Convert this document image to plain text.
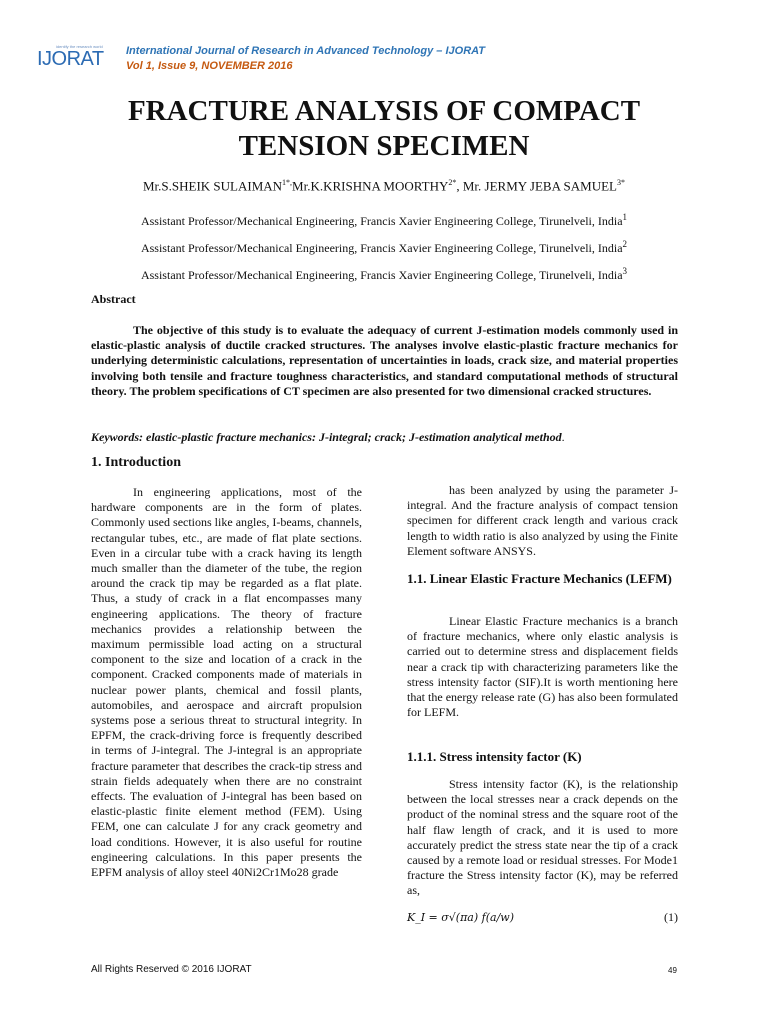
identify the research world
IJORAT International Journal of Research in Advanced Technology – IJORAT
Vol 1, Issue 9, NOVEMBER 2016
FRACTURE ANALYSIS OF COMPACT
TENSION SPECIMEN
Mr.S.SHEIK $SULAIMAN^{1*,}Mr.K.KRISHNA$ $MOORTHY^{2*}$, Mr. JERMY JEBA $SAMUEL^{3*}$
Assistant Professor/Mechanical Engineering, Francis Xavier Engineering College, Tirunelveli, India$^1$
Assistant Professor/Mechanical Engineering, Francis Xavier Engineering College, Tirunelveli, India$^2$
Assistant Professor/Mechanical Engineering, Francis Xavier Engineering College, Tirunelveli, India$^3$
Abstract
The objective of this study is to evaluate the adequacy of current J-estimation models commonly used in elastic-plastic analysis of ductile cracked structures. The analyses involve elastic-plastic fracture mechanics for underlying deterministic calculations, representation of uncertainties in loads, crack size, and material properties involving both tensile and fracture toughness characteristics, and standard computational methods of structural theory. The problem specifications of CT specimen are also presented for two dimensional cracked structures.
Keywords: elastic-plastic fracture mechanics: J-integral; crack; J-estimation analytical method.
1. Introduction

In engineering applications, most of the hardware components are in the form of plates. Commonly used sections like angles, I-beams, channels, rectangular tubes, etc., are made of flat plate sections. Even in a circular tube with a crack having its length much smaller than the diameter of the tube, the region around the crack tip may be regarded as a flat plate. Thus, a study of crack in a flat encompasses many engineering applications. The theory of fracture mechanics provides a relationship between the maximum permissible load acting on a structural component to the size and location of a crack in the component. Cracked components made of materials in nuclear power plants, chemical and fossil plants, automobiles, and aerospace and aircraft propulsion systems pose a serious threat to structural integrity. In EPFM, the crack-driving force is frequently described in terms of J-integral. The J-integral is an appropriate fracture parameter that describes the crack-tip stress and strain fields adequately when there are no constraint effects. The evaluation of J-integral has been based on elastic-plastic finite element method (FEM). Using FEM, one can calculate J for any crack geometry and load conditions. However, it is also useful for routine engineering calculations. In this paper presents the EPFM analysis of alloy steel 40Ni2Cr1Mo28 grade

has been analyzed by using the parameter J-integral. And the fracture analysis of compact tension specimen for different crack length and various crack length to width ratio is also analyzed by using the Finite Element software ANSYS.

1.1. Linear Elastic Fracture Mechanics (LEFM)

Linear Elastic Fracture mechanics is a branch of fracture mechanics, where only elastic analysis is carried out to determine stress and displacement fields near a crack tip with characterizing parameters like the stress intensity factor (SIF).It is worth mentioning here that the energy release rate (G) has also been formulated for LEFM.

1.1.1. Stress intensity factor (K)

Stress intensity factor (K), is the relationship between the local stresses near a crack depends on the product of the nominal stress and the square root of the half flaw length of crack, and it is used to more accurately predict the stress state near the tip of a crack caused by a remote load or residual stresses. For Mode1 fracture the Stress intensity factor (K), may be referred as,

K_I = σ√(πa) f(a/w)	(1)
All Rights Reserved © 2016 IJORAT	49
